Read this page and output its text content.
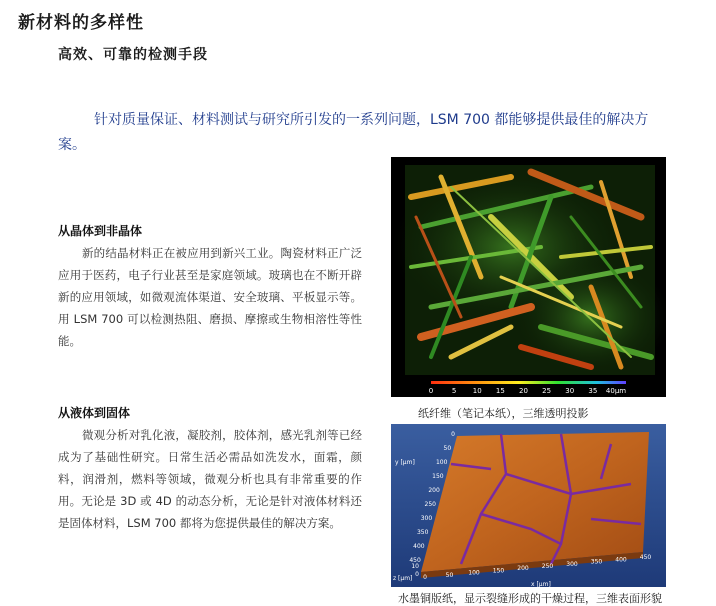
新材料的多样性
高效、可靠的检测手段
针对质量保证、材料测试与研究所引发的一系列问题，LSM 700 都能够提供最佳的解决方案。
从晶体到非晶体
新的结晶材料正在被应用到新兴工业。陶瓷材料正广泛应用于医药，电子行业甚至是家庭领域。玻璃也在不断开辟新的应用领域，如微观流体渠道、安全玻璃、平板显示等。用 LSM 700 可以检测热阻、磨损、摩擦或生物相溶性等性能。
从液体到固体
微观分析对乳化液，凝胶剂，胶体剂，感光乳剂等已经成为了基础性研究。日常生活必需品如洗发水，面霜，颜料，润滑剂，燃料等领域，微观分析也具有非常重要的作用。无论是 3D 或 4D 的动态分析，无论是针对液体材料还是固体材料，LSM 700 都将为您提供最佳的解决方案。
0	5 10 15 20 25 30 35 40µm
纸纤维（笔记本纸），三维透明投影
0
50
100
150
200
250
300
350
400
450
y [µm]
0	50 100 150 200 250 300 350 400 450
x [µm]
0
10
z [µm]
水墨铜版纸，显示裂缝形成的干燥过程，三维表面形貌
